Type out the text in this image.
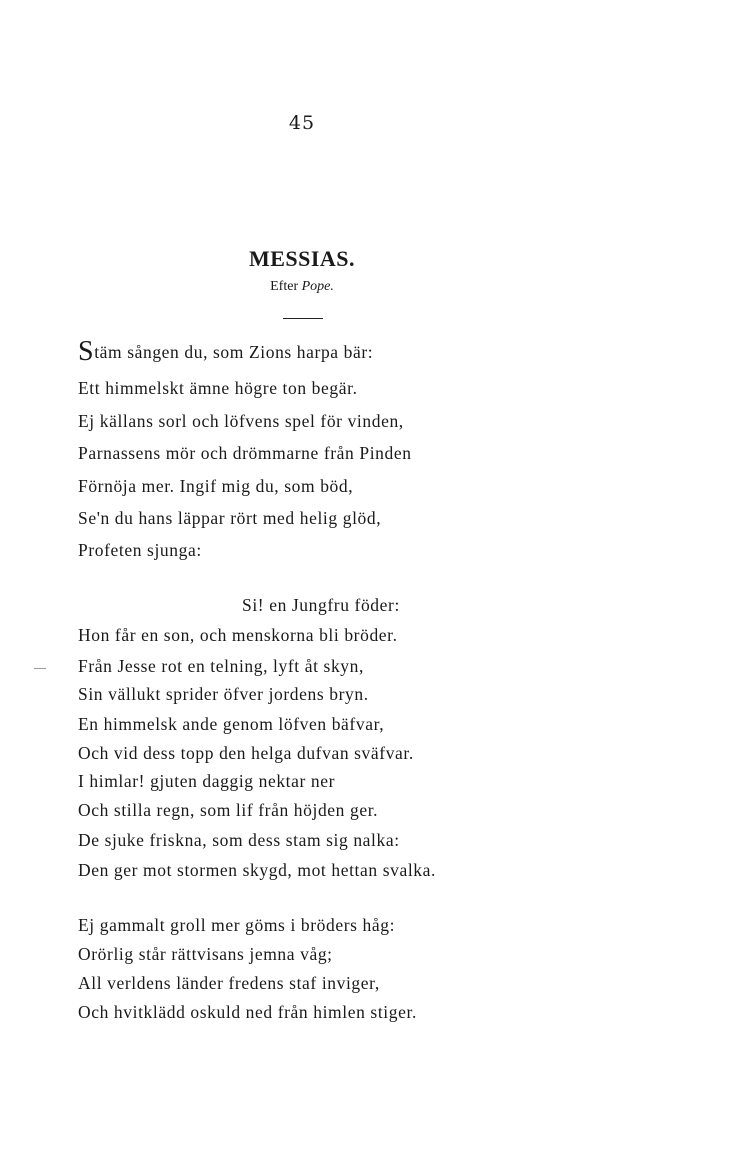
45
MESSIAS.
Efter Pope.
Stäm sången du, som Zions harpa bär:
Ett himmelskt ämne högre ton begär.
Ej källans sorl och löfvens spel för vinden,
Parnassens mör och drömmarne från Pinden
Förnöja mer. Ingif mig du, som böd,
Se'n du hans läppar rört med helig glöd,
Profeten sjunga:
Si! en Jungfru föder:
Hon får en son, och menskorna bli bröder.
Från Jesse rot en telning, lyft åt skyn,
Sin vällukt sprider öfver jordens bryn.
En himmelsk ande genom löfven bäfvar,
Och vid dess topp den helga dufvan sväfvar.
I himlar! gjuten daggig nektar ner
Och stilla regn, som lif från höjden ger.
De sjuke friskna, som dess stam sig nalka:
Den ger mot stormen skygd, mot hettan svalka.
Ej gammalt groll mer göms i bröders håg:
Orörlig står rättvisans jemna våg;
All verldens länder fredens staf inviger,
Och hvitklädd oskuld ned från himlen stiger.
